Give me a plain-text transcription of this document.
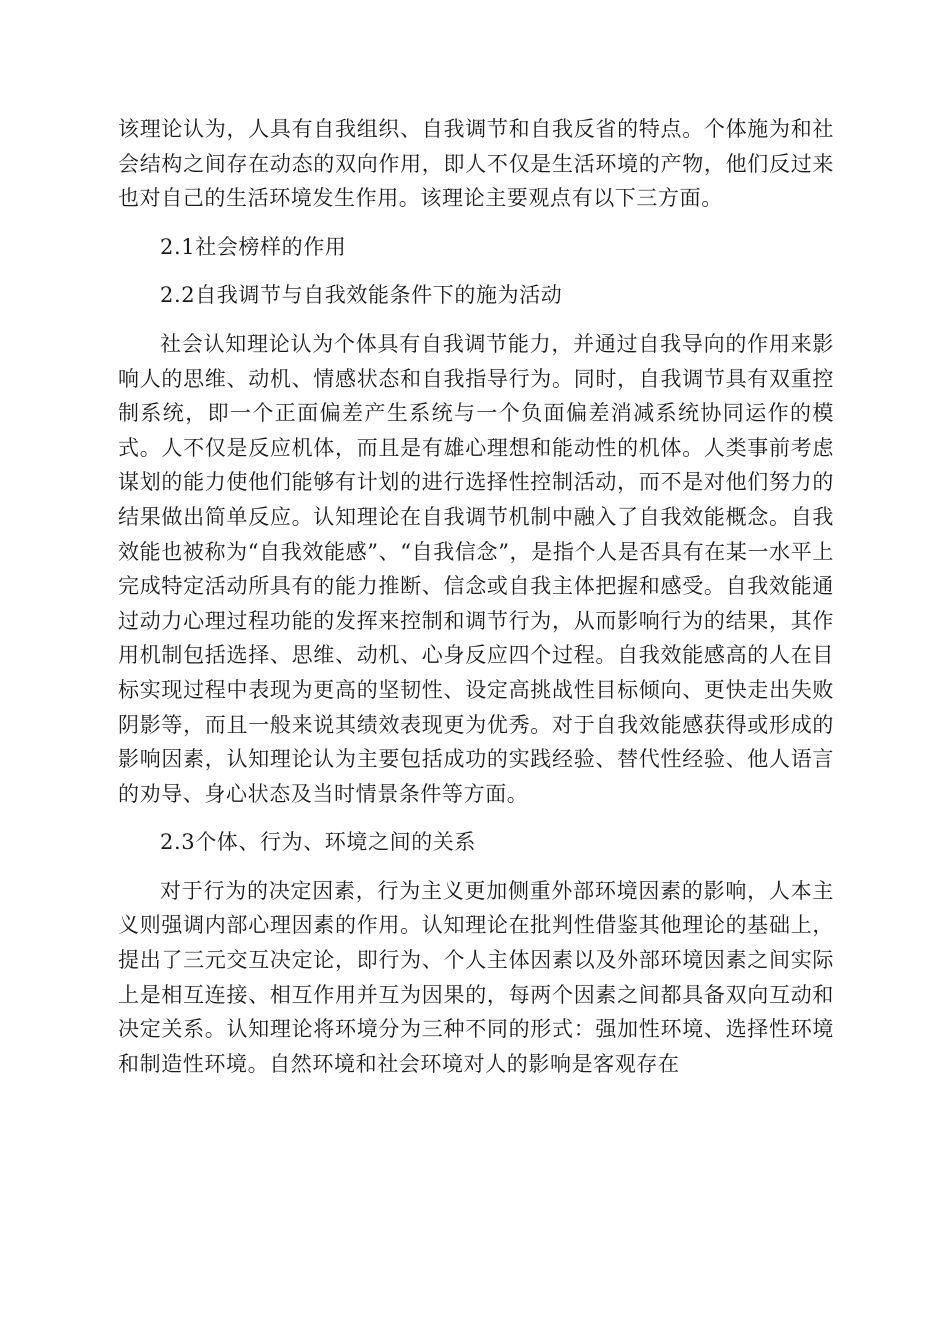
该理论认为，人具有自我组织、自我调节和自我反省的特点。个体施为和社会结构之间存在动态的双向作用，即人不仅是生活环境的产物，他们反过来也对自己的生活环境发生作用。该理论主要观点有以下三方面。

2.1社会榜样的作用

2.2自我调节与自我效能条件下的施为活动

社会认知理论认为个体具有自我调节能力，并通过自我导向的作用来影响人的思维、动机、情感状态和自我指导行为。同时，自我调节具有双重控制系统，即一个正面偏差产生系统与一个负面偏差消减系统协同运作的模式。人不仅是反应机体，而且是有雄心理想和能动性的机体。人类事前考虑谋划的能力使他们能够有计划的进行选择性控制活动，而不是对他们努力的结果做出简单反应。认知理论在自我调节机制中融入了自我效能概念。自我效能也被称为“自我效能感”、“自我信念”，是指个人是否具有在某一水平上完成特定活动所具有的能力推断、信念或自我主体把握和感受。自我效能通过动力心理过程功能的发挥来控制和调节行为，从而影响行为的结果，其作用机制包括选择、思维、动机、心身反应四个过程。自我效能感高的人在目标实现过程中表现为更高的坚韧性、设定高挑战性目标倾向、更快走出失败阴影等，而且一般来说其绩效表现更为优秀。对于自我效能感获得或形成的影响因素，认知理论认为主要包括成功的实践经验、替代性经验、他人语言的劝导、身心状态及当时情景条件等方面。

2.3个体、行为、环境之间的关系

对于行为的决定因素，行为主义更加侧重外部环境因素的影响，人本主义则强调内部心理因素的作用。认知理论在批判性借鉴其他理论的基础上，提出了三元交互决定论，即行为、个人主体因素以及外部环境因素之间实际上是相互连接、相互作用并互为因果的，每两个因素之间都具备双向互动和决定关系。认知理论将环境分为三种不同的形式：强加性环境、选择性环境和制造性环境。自然环境和社会环境对人的影响是客观存在
